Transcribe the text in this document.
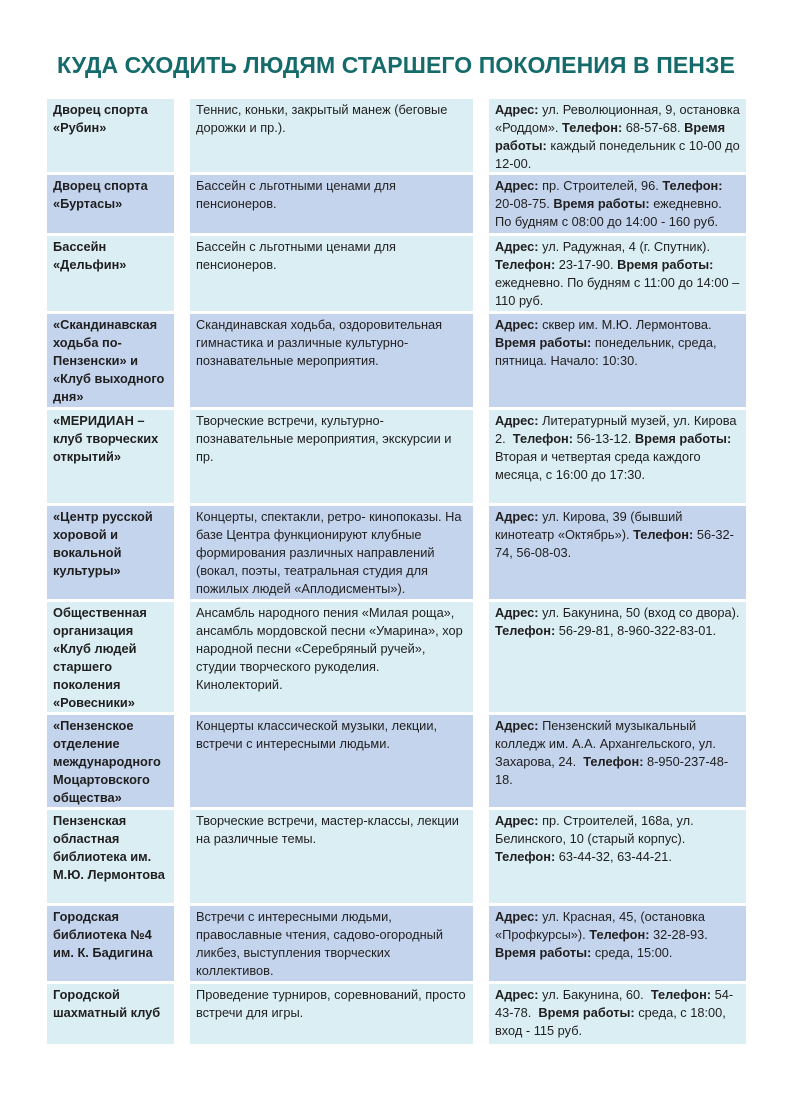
КУДА СХОДИТЬ ЛЮДЯМ СТАРШЕГО ПОКОЛЕНИЯ В ПЕНЗЕ
Дворец спорта «Рубин»
Теннис, коньки, закрытый манеж (беговые дорожки и пр.).
Адрес: ул. Революционная, 9, остановка «Роддом». Телефон: 68-57-68. Время работы: каждый понедельник с 10-00 до 12-00.
Дворец спорта «Буртасы»
Бассейн с льготными ценами для пенсионеров.
Адрес: пр. Строителей, 96. Телефон: 20-08-75. Время работы: ежедневно. По будням с 08:00 до 14:00 - 160 руб.
Бассейн «Дельфин»
Бассейн с льготными ценами для пенсионеров.
Адрес: ул. Радужная, 4 (г. Спутник). Телефон: 23-17-90. Время работы: ежедневно. По будням с 11:00 до 14:00 – 110 руб.
«Скандинавская ходьба по-Пензенски» и «Клуб выходного дня»
Скандинавская ходьба, оздоровительная гимнастика и различные культурно-познавательные мероприятия.
Адрес: сквер им. М.Ю. Лермонтова. Время работы: понедельник, среда, пятница. Начало: 10:30.
«МЕРИДИАН – клуб творческих открытий»
Творческие встречи, культурно-познавательные мероприятия, экскурсии и пр.
Адрес: Литературный музей, ул. Кирова 2.  Телефон: 56-13-12. Время работы: Вторая и четвертая среда каждого месяца, с 16:00 до 17:30.
«Центр русской хоровой и вокальной культуры»
Концерты, спектакли, ретро- кинопоказы. На базе Центра функционируют клубные формирования различных направлений (вокал, поэты, театральная студия для пожилых людей «Аплодисменты»).
Адрес: ул. Кирова, 39 (бывший кинотеатр «Октябрь»). Телефон: 56-32-74, 56-08-03.
Общественная организация «Клуб людей старшего поколения «Ровесники»
Ансамбль народного пения «Милая роща», ансамбль мордовской песни «Умарина», хор народной песни «Серебряный ручей», студии творческого рукоделия. Кинолекторий.
Адрес: ул. Бакунина, 50 (вход со двора). Телефон: 56-29-81, 8-960-322-83-01.
«Пензенское отделение международного Моцартовского общества»
Концерты классической музыки, лекции, встречи с интересными людьми.
Адрес: Пензенский музыкальный колледж им. А.А. Архангельского, ул. Захарова, 24.  Телефон: 8-950-237-48-18.
Пензенская областная библиотека им. М.Ю. Лермонтова
Творческие встречи, мастер-классы, лекции на различные темы.
Адрес: пр. Строителей, 168а, ул. Белинского, 10 (старый корпус). Телефон: 63-44-32, 63-44-21.
Городская библиотека №4 им. К. Бадигина
Встречи с интересными людьми, православные чтения, садово-огородный ликбез, выступления творческих коллективов.
Адрес: ул. Красная, 45, (остановка «Профкурсы»). Телефон: 32-28-93. Время работы: среда, 15:00.
Городской шахматный клуб
Проведение турниров, соревнований, просто встречи для игры.
Адрес: ул. Бакунина, 60.  Телефон: 54-43-78.  Время работы: среда, с 18:00, вход - 115 руб.
